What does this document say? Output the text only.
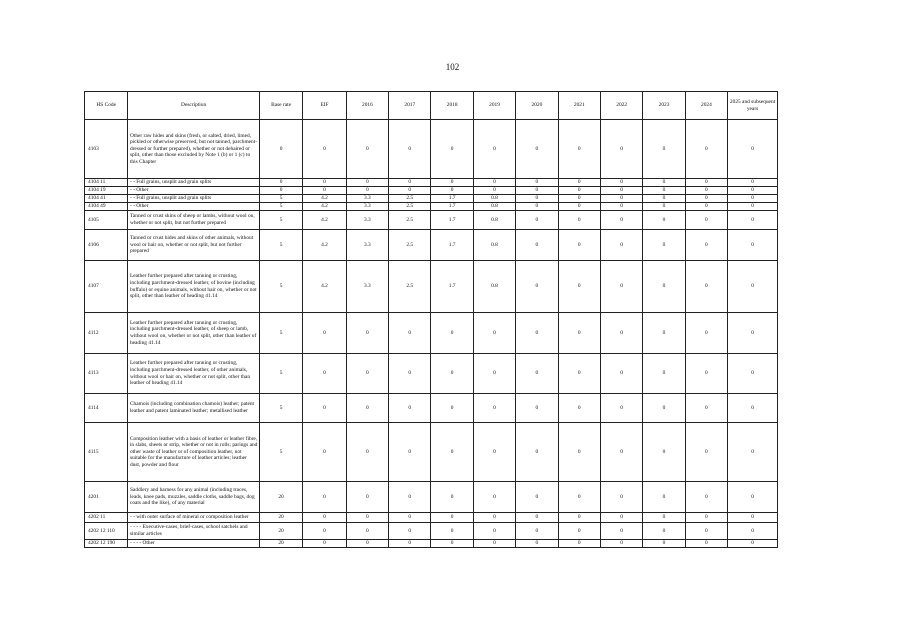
102
HS Code	Description	Base rate	EIF	2016	2017	2018	2019	2020	2021	2022	2023	2024	2025 and subsequent years
4103	Other raw hides and skins (fresh, or salted, dried, limed, pickled or otherwise preserved, but not tanned, parchment-dressed or further prepared), whether or not dehaired or split, other than those excluded by Note 1 (b) or 1 (c) to this Chapter	0	0	0	0	0	0	0	0	0	0	0	0
4104 11	- - Full grains, unsplit and grain splits	0	0	0	0	0	0	0	0	0	0	0	0
4104 19	- - Other	0	0	0	0	0	0	0	0	0	0	0	0
4104 41	- - Full grains, unsplit and grain splits	5	4.2	3.3	2.5	1.7	0.8	0	0	0	0	0	0
4104 49	- - Other	5	4.2	3.3	2.5	1.7	0.8	0	0	0	0	0	0
4105	Tanned or crust skins of sheep or lambs, without wool on, whether or not split, but not further prepared	5	4.2	3.3	2.5	1.7	0.8	0	0	0	0	0	0
4106	Tanned or crust hides and skins of other animals, without wool or hair on, whether or not split, but not further prepared	5	4.2	3.3	2.5	1.7	0.8	0	0	0	0	0	0
4107	Leather further prepared after tanning or crusting, including parchment-dressed leather, of bovine (including buffalo) or equine animals, without hair on, whether or not split, other than leather of heading 41.14	5	4.2	3.3	2.5	1.7	0.8	0	0	0	0	0	0
4112	Leather further prepared after tanning or crusting, including parchment-dressed leather, of sheep or lamb, without wool on, whether or not split, other than leather of heading 41.14	5	0	0	0	0	0	0	0	0	0	0	0
4113	Leather further prepared after tanning or crusting, including parchment-dressed leather, of other animals, without wool or hair on, whether or not split, other than leather of heading 41.14	5	0	0	0	0	0	0	0	0	0	0	0
4114	Chamois (including combination chamois) leather; patent leather and patent laminated leather; metallised leather	5	0	0	0	0	0	0	0	0	0	0	0
4115	Composition leather with a basis of leather or leather fibre, in slabs, sheets or strip, whether or not in rolls; parings and other waste of leather or of composition leather, not suitable for the manufacture of leather articles; leather dust, powder and flour	5	0	0	0	0	0	0	0	0	0	0	0
4201	Saddlery and harness for any animal (including traces, leads, knee pads, muzzles, saddle cloths, saddle bags, dog coats and the like), of any material	20	0	0	0	0	0	0	0	0	0	0	0
4202 11	- - with outer surface of mineral or composition leather	20	0	0	0	0	0	0	0	0	0	0	0
4202 12 110	- - - - Executive-cases, brief-cases, school satchels and similar articles	20	0	0	0	0	0	0	0	0	0	0	0
4202 12 190	- - - - Other	20	0	0	0	0	0	0	0	0	0	0	0
